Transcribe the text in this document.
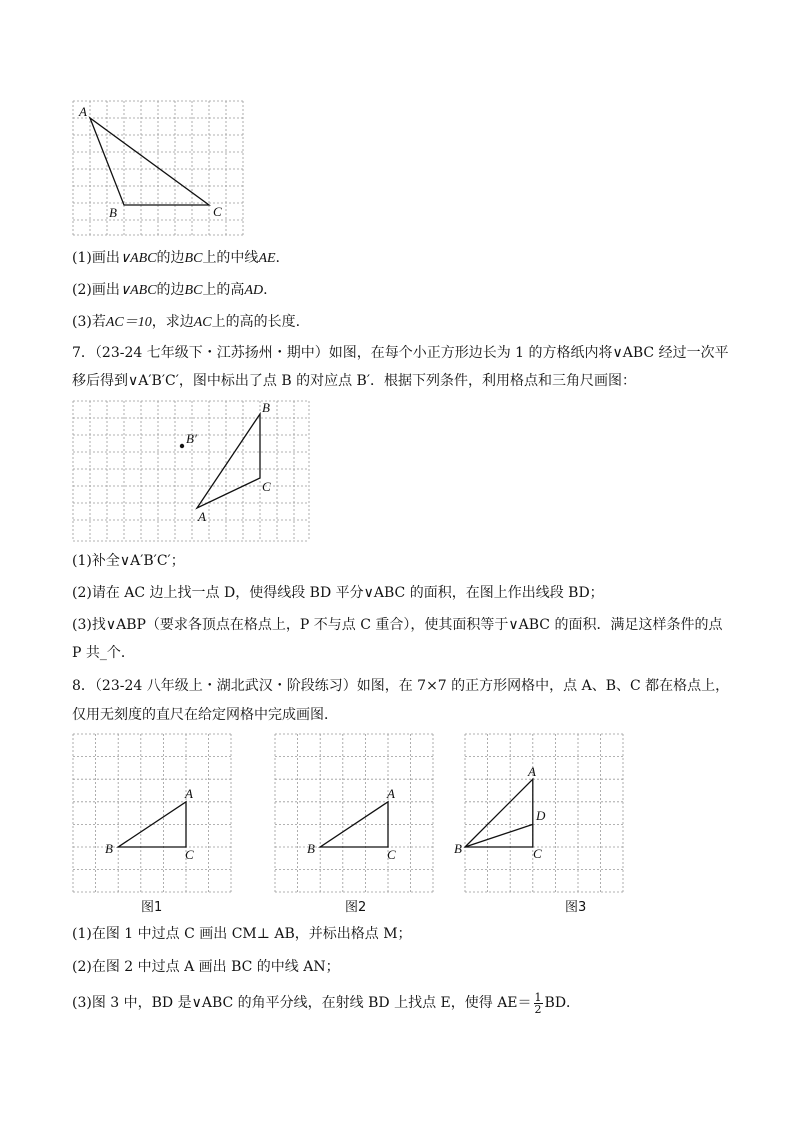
A
B	C
(1)画出∨ABC的边BC上的中线AE.
(2)画出∨ABC的边BC上的高AD.
(3)若AC＝10，求边AC上的高的长度.
7．（23-24 七年级下・江苏扬州・期中）如图，在每个小正方形边长为 1 的方格纸内将∨ABC 经过一次平
移后得到∨A′B′C′，图中标出了点 B 的对应点 B′．根据下列条件，利用格点和三角尺画图：
B
C
A
B′
(1)补全∨A′B′C′；
(2)请在 AC 边上找一点 D，使得线段 BD 平分∨ABC 的面积，在图上作出线段 BD；
(3)找∨ABP（要求各顶点在格点上，P 不与点 C 重合），使其面积等于∨ABC 的面积．满足这样条件的点
P 共_个．
8．（23-24 八年级上・湖北武汉・阶段练习）如图，在 7×7 的正方形网格中，点 A、B、C 都在格点上，
仅用无刻度的直尺在给定网格中完成画图．
A
B	C
图1
A
B	C
图2
A
D
B	C
图3
(1)在图 1 中过点 C 画出 CM⊥ AB，并标出格点 M；
(2)在图 2 中过点 A 画出 BC 的中线 AN；
(3)图 3 中，BD 是∨ABC 的角平分线，在射线 BD 上找点 E，使得 $AE= \frac{1}{2}$ BD．
